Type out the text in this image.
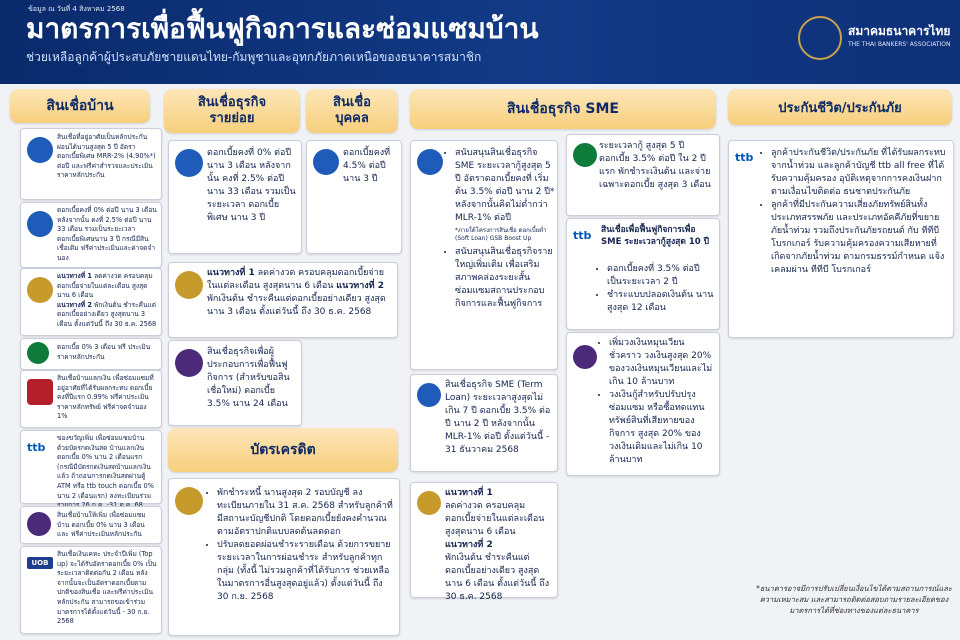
ข้อมูล ณ วันที่ 4 สิงหาคม 2568
มาตรการเพื่อฟื้นฟูกิจการและซ่อมแซมบ้าน
ช่วยเหลือลูกค้าผู้ประสบภัยชายแดนไทย-กัมพูชาและอุทกภัยภาคเหนือของธนาคารสมาชิก
สมาคมธนาคารไทย
THE THAI BANKERS' ASSOCIATION
สินเชื่อบ้าน	สินเชื่อธุรกิจ
รายย่อย
สินเชื่อ
บุคคล
สินเชื่อธุรกิจ SME	ประกันชีวิต/ประกันภัย
บัตรเครดิต
สินเชื่อที่อยู่อาศัยเป็นหลักประกัน ผ่อนได้นานสูงสุด 5 ปี อัตราดอกเบี้ยพิเศษ MRR-2% (4.90%*) ต่อปี และฟรีค่าสำรวจและประเมินราคาหลักประกัน
ดอกเบี้ยคงที่ 0% ต่อปี นาน 3 เดือน หลังจากนั้น คงที่ 2.5% ต่อปี นาน 33 เดือน รวมเป็นระยะเวลาดอกเบี้ยพิเศษนาน 3 ปี กรณีมีสินเชื่อเดิม ฟรีค่าประเมินและค่าจดจำนอง
แนวทางที่ 1 ลดค่างวด ครอบคลุมดอกเบี้ยจ่ายในแต่ละเดือน สูงสุดนาน 6 เดือน
แนวทางที่ 2 พักเงินต้น ชำระคืนแต่ดอกเบี้ยอย่างเดียว สูงสุดนาน 3 เดือน ตั้งแต่วันนี้ ถึง 30 ธ.ค. 2568
ดอกเบี้ย 0% 3 เดือน ฟรี ประเมินราคาหลักประกัน
สินเชื่อบ้านแลกเงิน เพื่อซ่อมแซมที่อยู่อาศัยที่ได้รับผลกระทบ ดอกเบี้ยคงที่ปีแรก 0.99% ฟรีค่าประเมินราคาหลักทรัพย์ ฟรีค่าจดจำนอง 1%
ttb
ของขวัญเพิ่ม เพื่อซ่อมแซมบ้าน ด้วยบัตรกดเงินสด บ้านแลกเงิน ดอกเบี้ย 0% นาน 2 เดือนแรก (กรณีมีบัตรกดเงินสดบ้านแลกเงินแล้ว ถ้าถอนการกดเงินสดผ่านตู้ ATM หรือ ttb touch ดอกเบี้ย 0% นาน 2 เดือนแรก) ลงทะเบียนร่วม
สินเชื่อบ้านให้เพิ่ม เพื่อซ่อมแซมบ้าน ดอกเบี้ย 0% นาน 3 เดือน และ ฟรีค่าประเมินหลักประกัน
UOB
สินเชื่อเงินเคหะ ประจำปีเพิ่ม (Top up) จะได้รับอัตราดอกเบี้ย 0% เป็นระยะเวลาติดต่อกัน 2 เดือน หลังจากนั้นจะเป็นอัตราดอกเบี้ยตามปกติของสินเชื่อ และฟรีค่าประเมินหลักประกัน สามารถขอเข้าร่วมมาตรการได้ตั้งแต่วันนี้ - 30 ก.ย. 2568
ดอกเบี้ยคงที่ 0% ต่อปี นาน 3 เดือน หลังจากนั้น คงที่ 2.5% ต่อปี นาน 33 เดือน รวมเป็นระยะเวลา ดอกเบี้ยพิเศษ นาน 3 ปี
แนวทางที่ 1 ลดค่างวด ครอบคลุมดอกเบี้ยจ่ายในแต่ละเดือน สูงสุดนาน 6 เดือน แนวทางที่ 2 พักเงินต้น ชำระคืนแต่ดอกเบี้ยอย่างเดียว สูงสุดนาน 3 เดือน ตั้งแต่วันนี้ ถึง 30 ธ.ค. 2568
สินเชื่อธุรกิจเพื่อผู้ประกอบการเพื่อฟื้นฟูกิจการ (สำหรับขอสินเชื่อใหม่) ดอกเบี้ย 3.5% นาน 24 เดือน
ดอกเบี้ยคงที่ 4.5% ต่อปี นาน 3 ปี
• พักชำระหนี้ นานสูงสุด 2 รอบบัญชี ลงทะเบียนภายใน 31 ส.ค. 2568 สำหรับลูกค้าที่มีสถานะบัญชีปกติ โดยดอกเบี้ยยังคงคำนวณตามอัตราปกติแบบลดต้นลดดอก
• ปรับลดยอดผ่อนชำระรายเดือน ด้วยการขยายระยะเวลาในการผ่อนชำระ สำหรับลูกค้าทุกกลุ่ม (ทั้งนี้ ไม่รวมลูกค้าที่ได้รับการ ช่วยเหลือในมาตรการอื่นสูงสุดอยู่แล้ว) ตั้งแต่วันนี้ ถึง 30 ก.ย. 2568
• สนับสนุนสินเชื่อธุรกิจ SME ระยะเวลากู้สูงสุด 5 ปี อัตราดอกเบี้ยคงที่ เริ่มต้น 3.5% ต่อปี นาน 2 ปี* หลังจากนั้นคิดไม่ต่ำกว่า MLR-1% ต่อปี
*ภายใต้โครงการสินเชื่อ ดอกเบี้ยต่ำ (Soft Loan) GSB Boost Up
• สนับสนุนสินเชื่อธุรกิจรายใหญ่เพิ่มเติม เพื่อเสริมสภาพคล่องระยะสั้น ซ่อมแซมสถานประกอบกิจการและฟื้นฟูกิจการ
สินเชื่อธุรกิจ SME (Term Loan) ระยะเวลาสูงสุดไม่เกิน 7 ปี ดอกเบี้ย 3.5% ต่อปี นาน 2 ปี หลังจากนั้น MLR-1% ต่อปี ตั้งแต่วันนี้ - 31 ธันวาคม 2568
แนวทางที่ 1
ลดค่างวด ครอบคลุมดอกเบี้ยจ่ายในแต่ละเดือน สูงสุดนาน 6 เดือน
แนวทางที่ 2
พักเงินต้น ชำระคืนแต่ดอกเบี้ยอย่างเดียว สูงสุดนาน 6 เดือน ตั้งแต่วันนี้ ถึง 30 ธ.ค. 2568
ระยะเวลากู้ สูงสุด 5 ปี ดอกเบี้ย 3.5% ต่อปี ใน 2 ปีแรก พักชำระเงินต้น และจ่ายเฉพาะดอกเบี้ย สูงสุด 3 เดือน
ttb	สินเชื่อเพื่อฟื้นฟูกิจการเพื่อ SME ระยะเวลากู้สูงสุด 10 ปี
• ดอกเบี้ยคงที่ 3.5% ต่อปี เป็นระยะเวลา 2 ปี
• ชำระแบบปลอดเงินต้น นานสูงสุด 12 เดือน
• เพิ่มวงเงินหมุนเวียนชั่วคราว วงเงินสูงสุด 20% ของวงเงินหมุนเวียนและไม่เกิน 10 ล้านบาท
• วงเงินกู้สำหรับปรับปรุงซ่อมแซม หรือซื้อทดแทนทรัพย์สินที่เสียหายของกิจการ สูงสุด 20% ของวงเงินเดิมและไม่เกิน 10 ล้านบาท
ttb
•	ลูกค้าประกันชีวิต/ประกันภัย ที่ได้รับผลกระทบจากน้ำท่วม และลูกค้าบัญชี ttb all free ที่ได้รับความคุ้มครอง อุบัติเหตุจากการคงเงินฝากตามเงื่อนไขติดต่อ ธนชาตประกันภัย
• ลูกค้าที่มีประกันความเสี่ยงภัยทรัพย์สินทั้งประเภทสรรพภัย และประเภทอัคคีภัยที่ขยายภัยน้ำท่วม รวมถึงประกันภัยรถยนต์ กับ ทีทีบี โบรกเกอร์ รับความคุ้มครองความเสียหายที่เกิดจากภัยน้ำท่วม ตามกรมธรรม์กำหนด แจ้งเคลมผ่าน ทีทีบี โบรกเกอร์
*ธนาคารอาจมีการปรับเปลี่ยนเงื่อนไขได้ตามสถานการณ์และความเหมาะสม และสามารถติดต่อสอบถามรายละเอียดของมาตรการได้ที่ช่องทางของแต่ละธนาคาร
